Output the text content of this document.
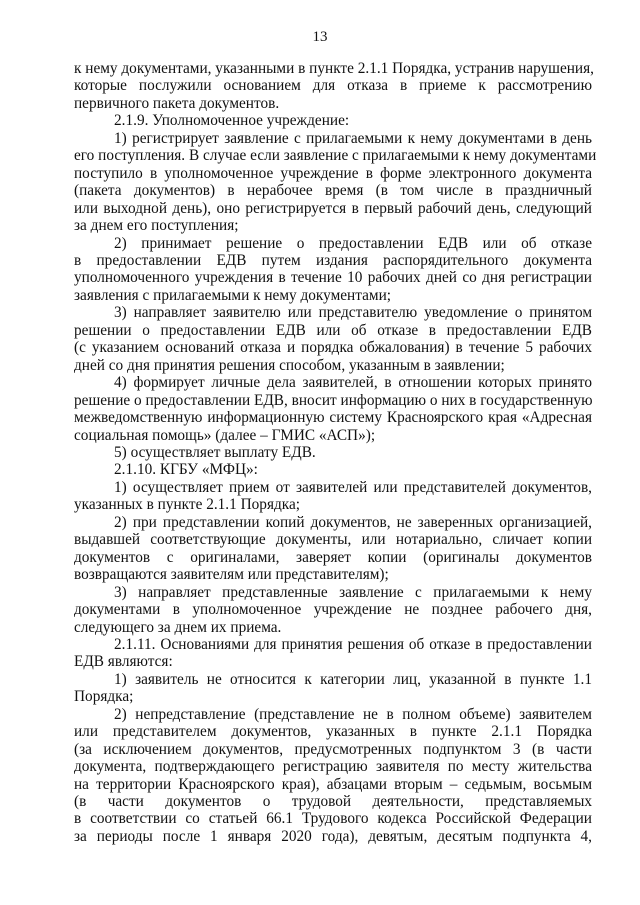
13

к нему документами, указанными в пункте 2.1.1 Порядка, устранив нарушения,

которые послужили основанием для отказа в приеме к рассмотрению

первичного пакета документов.

2.1.9. Уполномоченное учреждение:

1) регистрирует заявление с прилагаемыми к нему документами в день

его поступления. В случае если заявление с прилагаемыми к нему документами

поступило в уполномоченное учреждение в форме электронного документа

(пакета документов) в нерабочее время (в том числе в праздничный

или выходной день), оно регистрируется в первый рабочий день, следующий

за днем его поступления;

2) принимает решение о предоставлении ЕДВ или об отказе

в предоставлении ЕДВ путем издания распорядительного документа

уполномоченного учреждения в течение 10 рабочих дней со дня регистрации

заявления с прилагаемыми к нему документами;

3) направляет заявителю или представителю уведомление о принятом

решении о предоставлении ЕДВ или об отказе в предоставлении ЕДВ

(с указанием оснований отказа и порядка обжалования) в течение 5 рабочих

дней со дня принятия решения способом, указанным в заявлении;

4) формирует личные дела заявителей, в отношении которых принято

решение о предоставлении ЕДВ, вносит информацию о них в государственную

межведомственную информационную систему Красноярского края «Адресная

социальная помощь» (далее – ГМИС «АСП»);

5) осуществляет выплату ЕДВ.

2.1.10. КГБУ «МФЦ»:

1) осуществляет прием от заявителей или представителей документов,

указанных в пункте 2.1.1 Порядка;

2) при представлении копий документов, не заверенных организацией,

выдавшей соответствующие документы, или нотариально, сличает копии

документов с оригиналами, заверяет копии (оригиналы документов

возвращаются заявителям или представителям);

3) направляет представленные заявление с прилагаемыми к нему

документами в уполномоченное учреждение не позднее рабочего дня,

следующего за днем их приема.

2.1.11. Основаниями для принятия решения об отказе в предоставлении

ЕДВ являются:

1) заявитель не относится к категории лиц, указанной в пункте 1.1

Порядка;

2) непредставление (представление не в полном объеме) заявителем

или представителем документов, указанных в пункте 2.1.1 Порядка

(за исключением документов, предусмотренных подпунктом 3 (в части

документа, подтверждающего регистрацию заявителя по месту жительства

на территории Красноярского края), абзацами вторым – седьмым, восьмым

(в части документов о трудовой деятельности, представляемых

в соответствии со статьей 66.1 Трудового кодекса Российской Федерации

за периоды после 1 января 2020 года), девятым, десятым подпункта 4,
